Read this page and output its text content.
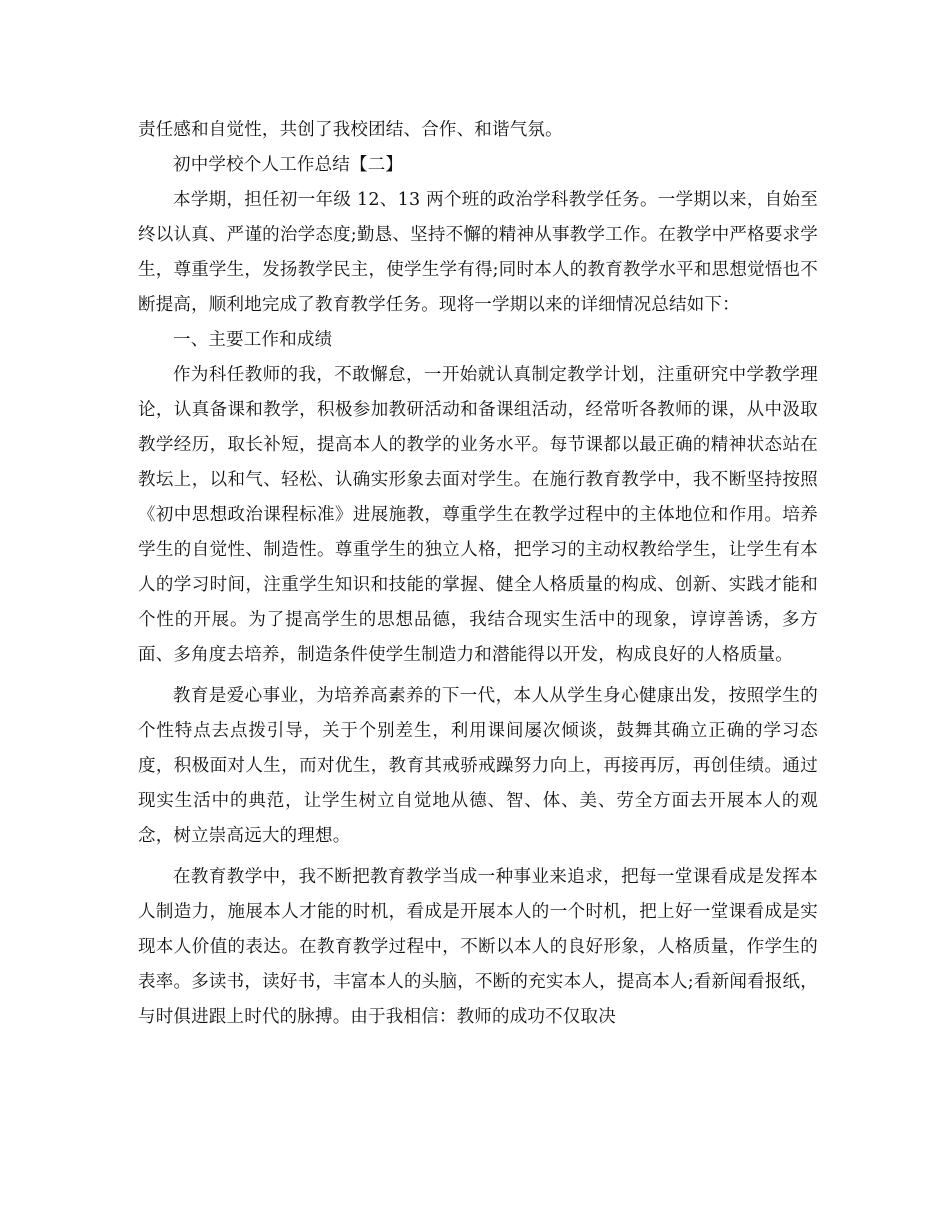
责任感和自觉性，共创了我校团结、合作、和谐气氛。

初中学校个人工作总结【二】

本学期，担任初一年级 12、13 两个班的政治学科教学任务。一学期以来，自始至终以认真、严谨的治学态度;勤恳、坚持不懈的精神从事教学工作。在教学中严格要求学生，尊重学生，发扬教学民主，使学生学有得;同时本人的教育教学水平和思想觉悟也不断提高，顺利地完成了教育教学任务。现将一学期以来的详细情况总结如下：

一、主要工作和成绩

作为科任教师的我，不敢懈怠，一开始就认真制定教学计划，注重研究中学教学理论，认真备课和教学，积极参加教研活动和备课组活动，经常听各教师的课，从中汲取教学经历，取长补短，提高本人的教学的业务水平。每节课都以最正确的精神状态站在教坛上，以和气、轻松、认确实形象去面对学生。在施行教育教学中，我不断坚持按照《初中思想政治课程标准》进展施教，尊重学生在教学过程中的主体地位和作用。培养学生的自觉性、制造性。尊重学生的独立人格，把学习的主动权教给学生，让学生有本人的学习时间，注重学生知识和技能的掌握、健全人格质量的构成、创新、实践才能和个性的开展。为了提高学生的思想品德，我结合现实生活中的现象，谆谆善诱，多方面、多角度去培养，制造条件使学生制造力和潜能得以开发，构成良好的人格质量。

教育是爱心事业，为培养高素养的下一代，本人从学生身心健康出发，按照学生的个性特点去点拨引导，关于个别差生，利用课间屡次倾谈，鼓舞其确立正确的学习态度，积极面对人生，而对优生，教育其戒骄戒躁努力向上，再接再厉，再创佳绩。通过现实生活中的典范，让学生树立自觉地从德、智、体、美、劳全方面去开展本人的观念，树立崇高远大的理想。

在教育教学中，我不断把教育教学当成一种事业来追求，把每一堂课看成是发挥本人制造力，施展本人才能的时机，看成是开展本人的一个时机，把上好一堂课看成是实现本人价值的表达。在教育教学过程中，不断以本人的良好形象，人格质量，作学生的表率。多读书，读好书，丰富本人的头脑，不断的充实本人，提高本人;看新闻看报纸，与时俱进跟上时代的脉搏。由于我相信：教师的成功不仅取决
